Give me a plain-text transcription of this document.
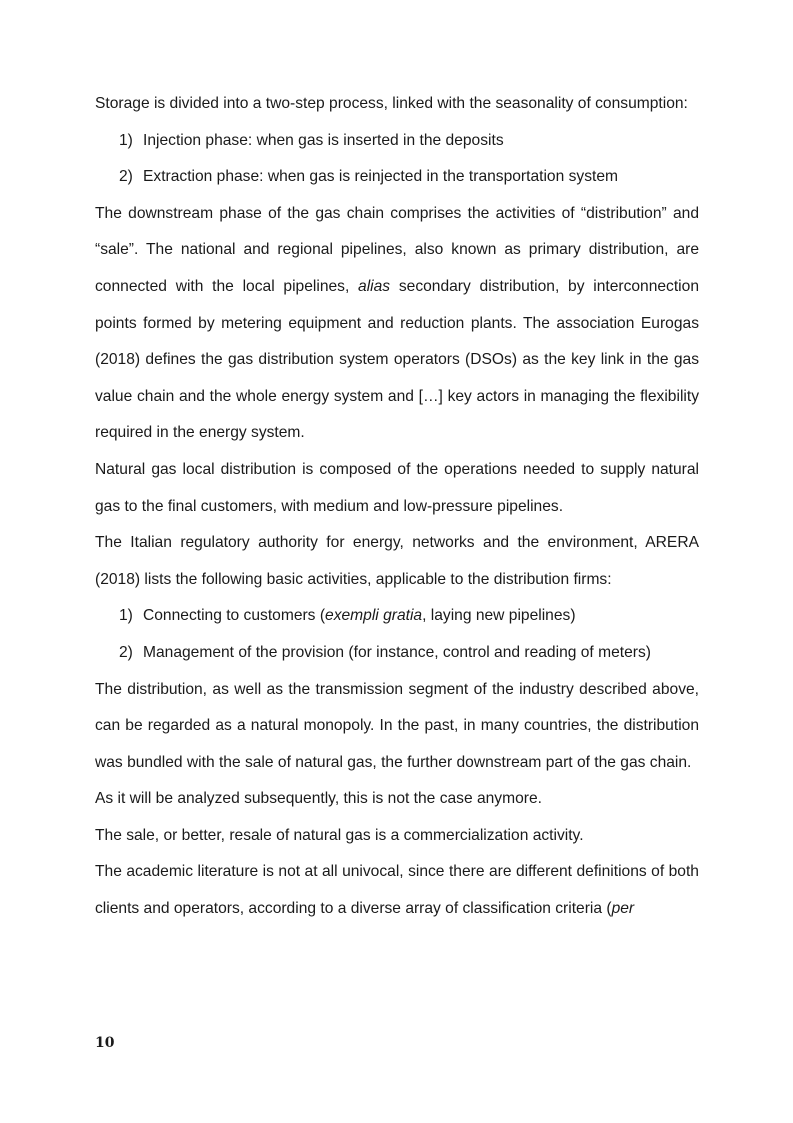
Storage is divided into a two-step process, linked with the seasonality of consumption:

1) Injection phase: when gas is inserted in the deposits
2) Extraction phase: when gas is reinjected in the transportation system

The downstream phase of the gas chain comprises the activities of “distribution” and “sale”. The national and regional pipelines, also known as primary distribution, are connected with the local pipelines, alias secondary distribution, by interconnection points formed by metering equipment and reduction plants. The association Eurogas (2018) defines the gas distribution system operators (DSOs) as the key link in the gas value chain and the whole energy system and […] key actors in managing the flexibility required in the energy system.

Natural gas local distribution is composed of the operations needed to supply natural gas to the final customers, with medium and low-pressure pipelines.

The Italian regulatory authority for energy, networks and the environment, ARERA (2018) lists the following basic activities, applicable to the distribution firms:

1) Connecting to customers (exempli gratia, laying new pipelines)
2) Management of the provision (for instance, control and reading of meters)

The distribution, as well as the transmission segment of the industry described above, can be regarded as a natural monopoly. In the past, in many countries, the distribution was bundled with the sale of natural gas, the further downstream part of the gas chain.

As it will be analyzed subsequently, this is not the case anymore.

The sale, or better, resale of natural gas is a commercialization activity.

The academic literature is not at all univocal, since there are different definitions of both clients and operators, according to a diverse array of classification criteria (per

10
